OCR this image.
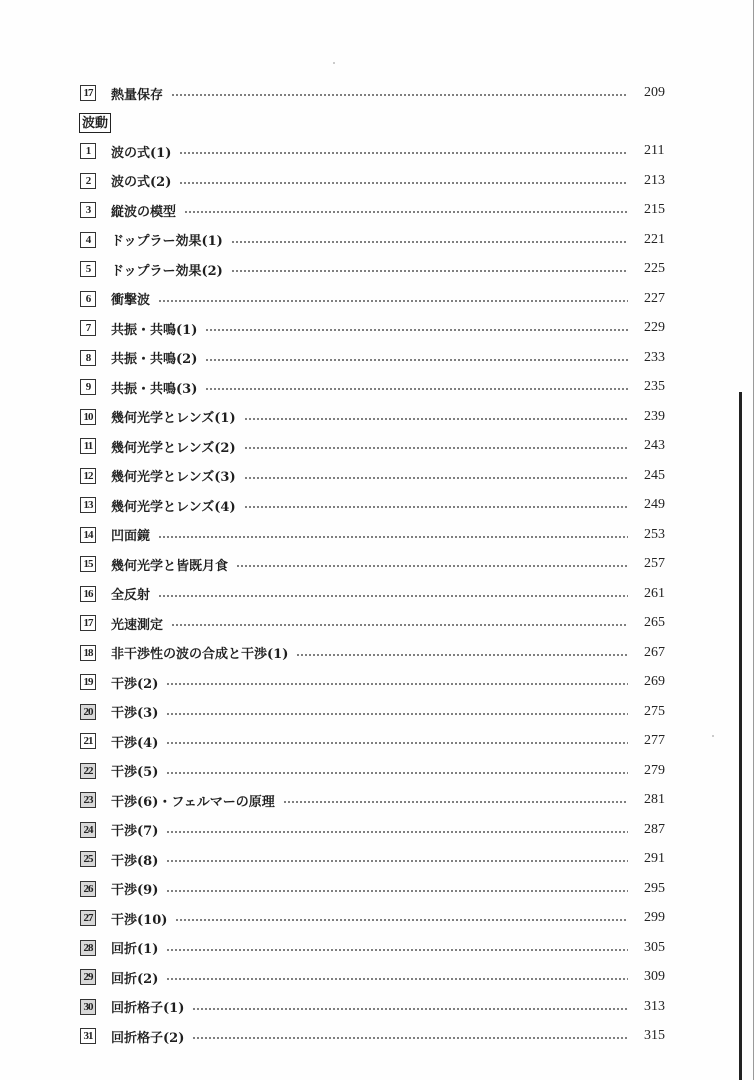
17 熱量保存	209
波動
1	波の式(1)	211
2	波の式(2)	213
3	縦波の模型	215
4	ドップラー効果(1)	221
5	ドップラー効果(2)	225
6	衝撃波	227
7	共振・共鳴(1)	229
8	共振・共鳴(2)	233
9	共振・共鳴(3)	235
10 幾何光学とレンズ(1)	239
11 幾何光学とレンズ(2)	243
12 幾何光学とレンズ(3)	245
13 幾何光学とレンズ(4)	249
14 凹面鏡	253
15 幾何光学と皆既月食	257
16 全反射	261
17 光速測定	265
18 非干渉性の波の合成と干渉(1)	267
19 干渉(2)	269
20 干渉(3)	275
21 干渉(4)	277
22 干渉(5)	279
23 干渉(6)・フェルマーの原理	281
24 干渉(7)	287
25 干渉(8)	291
26 干渉(9)	295
27 干渉(10)	299
28 回折(1)	305
29 回折(2)	309
30 回折格子(1)	313
31 回折格子(2)	315
